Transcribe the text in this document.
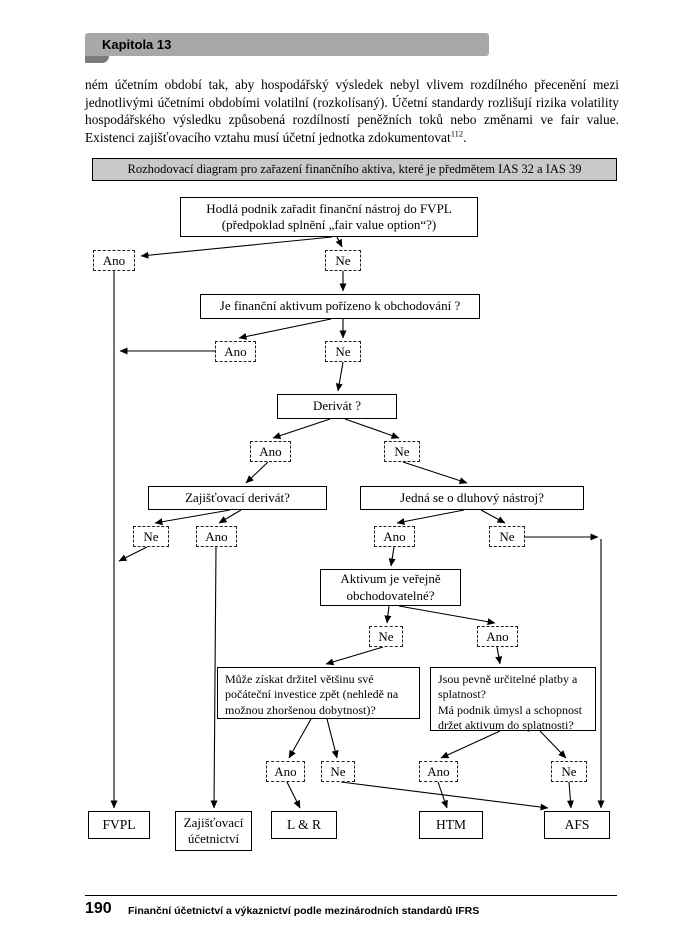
Kapitola 13

ném účetním období tak, aby hospodářský výsledek nebyl vlivem rozdílného přecenění mezi jednotlivými účetními obdobími volatilní (rozkolísaný). Účetní standardy rozlišují rizika volatility hospodářského výsledku způsobená rozdílností peněžních toků nebo změnami ve fair value. Existenci zajišťovacího vztahu musí účetní jednotka zdokumentovat$^{112}$.

Rozhodovací diagram pro zařazení finančního aktiva, které je předmětem IAS 32 a IAS 39
Hodlá podnik zařadit finanční nástroj do FVPL (předpoklad splnění „fair value option“?)
Ano	Ne
Je finanční aktivum pořízeno k obchodování ?
Ano	Ne
Derivát ?
Ano	Ne
Zajišťovací derivát?	Jedná se o dluhový nástroj?
Ne	Ano	Ano	Ne
Aktivum je veřejně obchodovatelné?
Ne	Ano
Může získat držitel většinu své počáteční investice zpět (nehledě na možnou zhoršenou dobytnost)?
Jsou pevně určitelné platby a splatnost?
Má podnik úmysl a schopnost držet aktivum do splatnosti?
Ano	Ne	Ano	Ne
FVPL	Zajišťovací účetnictví
L & R	HTM	AFS
190 Finanční účetnictví a výkaznictví podle mezinárodních standardů IFRS
